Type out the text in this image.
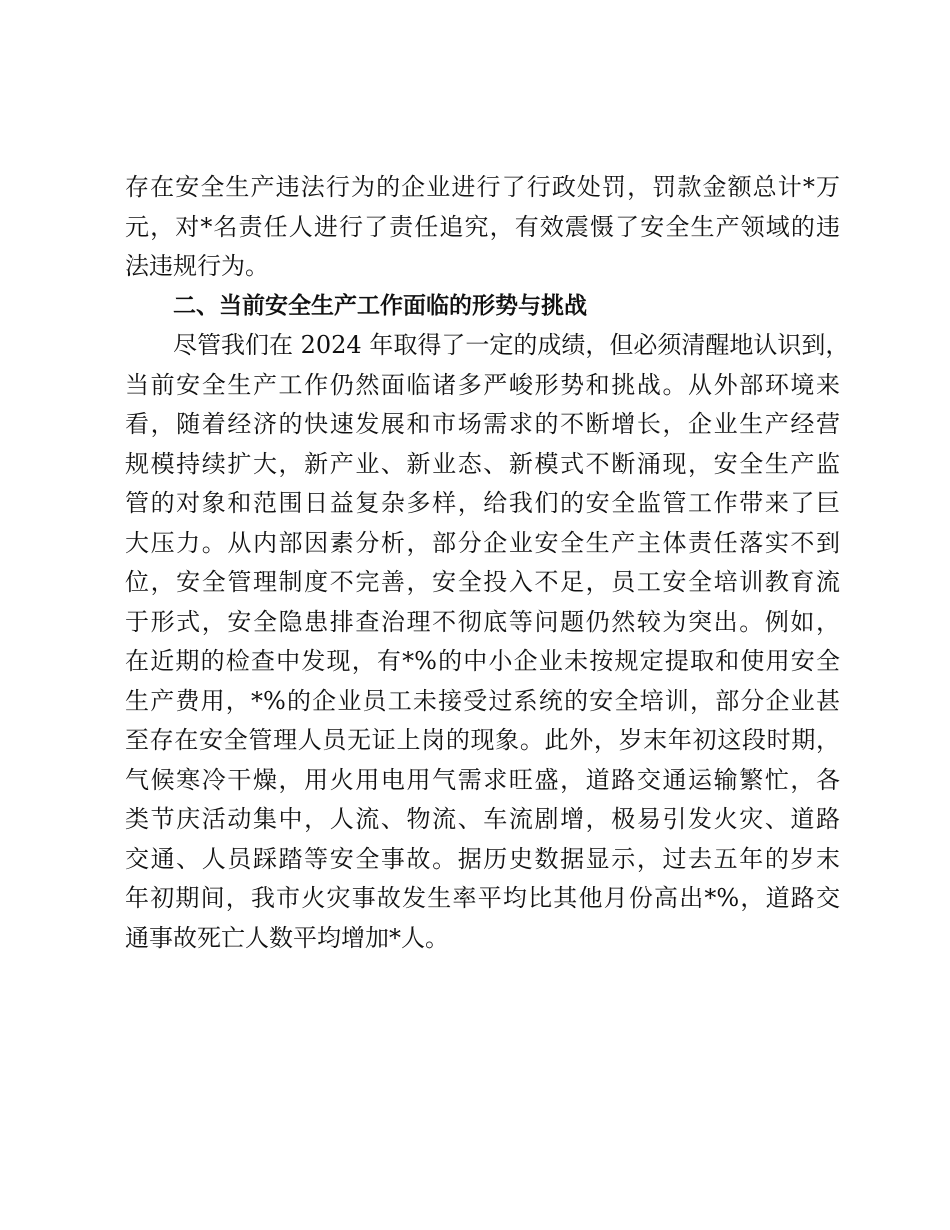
存在安全生产违法行为的企业进行了行政处罚，罚款金额总计*万
元，对*名责任人进行了责任追究，有效震慑了安全生产领域的违
法违规行为。
二、当前安全生产工作面临的形势与挑战
尽管我们在 2024 年取得了一定的成绩，但必须清醒地认识到，
当前安全生产工作仍然面临诸多严峻形势和挑战。从外部环境来
看，随着经济的快速发展和市场需求的不断增长，企业生产经营
规模持续扩大，新产业、新业态、新模式不断涌现，安全生产监
管的对象和范围日益复杂多样，给我们的安全监管工作带来了巨
大压力。从内部因素分析，部分企业安全生产主体责任落实不到
位，安全管理制度不完善，安全投入不足，员工安全培训教育流
于形式，安全隐患排查治理不彻底等问题仍然较为突出。例如，
在近期的检查中发现，有*%的中小企业未按规定提取和使用安全
生产费用，*%的企业员工未接受过系统的安全培训，部分企业甚
至存在安全管理人员无证上岗的现象。此外，岁末年初这段时期，
气候寒冷干燥，用火用电用气需求旺盛，道路交通运输繁忙，各
类节庆活动集中，人流、物流、车流剧增，极易引发火灾、道路
交通、人员踩踏等安全事故。据历史数据显示，过去五年的岁末
年初期间，我市火灾事故发生率平均比其他月份高出*%，道路交
通事故死亡人数平均增加*人。
